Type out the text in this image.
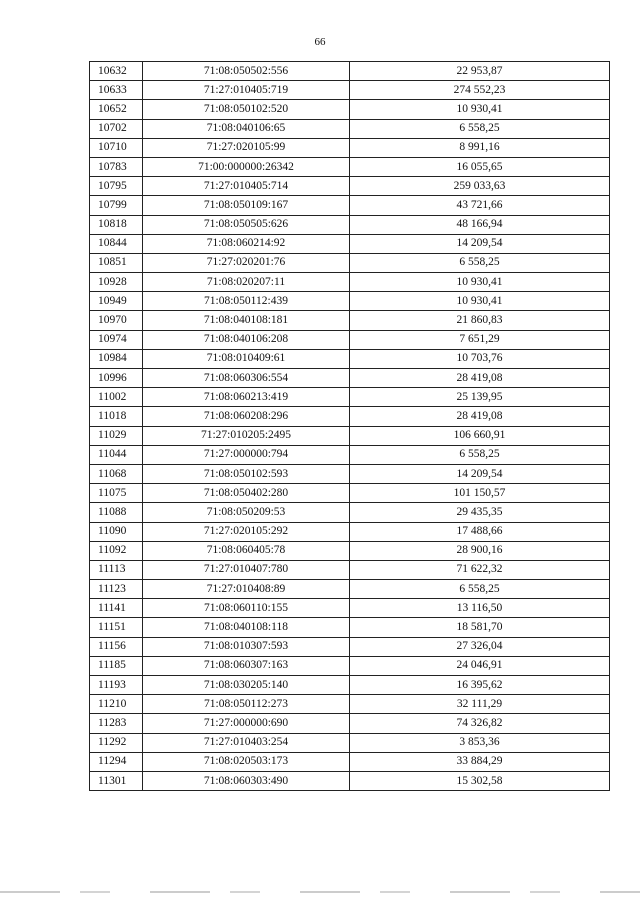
66
10632	71:08:050502:556	22 953,87
10633	71:27:010405:719	274 552,23
10652	71:08:050102:520	10 930,41
10702	71:08:040106:65	6 558,25
10710	71:27:020105:99	8 991,16
10783	71:00:000000:26342	16 055,65
10795	71:27:010405:714	259 033,63
10799	71:08:050109:167	43 721,66
10818	71:08:050505:626	48 166,94
10844	71:08:060214:92	14 209,54
10851	71:27:020201:76	6 558,25
10928	71:08:020207:11	10 930,41
10949	71:08:050112:439	10 930,41
10970	71:08:040108:181	21 860,83
10974	71:08:040106:208	7 651,29
10984	71:08:010409:61	10 703,76
10996	71:08:060306:554	28 419,08
11002	71:08:060213:419	25 139,95
11018	71:08:060208:296	28 419,08
11029	71:27:010205:2495	106 660,91
11044	71:27:000000:794	6 558,25
11068	71:08:050102:593	14 209,54
11075	71:08:050402:280	101 150,57
11088	71:08:050209:53	29 435,35
11090	71:27:020105:292	17 488,66
11092	71:08:060405:78	28 900,16
11113	71:27:010407:780	71 622,32
11123	71:27:010408:89	6 558,25
11141	71:08:060110:155	13 116,50
11151	71:08:040108:118	18 581,70
11156	71:08:010307:593	27 326,04
11185	71:08:060307:163	24 046,91
11193	71:08:030205:140	16 395,62
11210	71:08:050112:273	32 111,29
11283	71:27:000000:690	74 326,82
11292	71:27:010403:254	3 853,36
11294	71:08:020503:173	33 884,29
11301	71:08:060303:490	15 302,58
